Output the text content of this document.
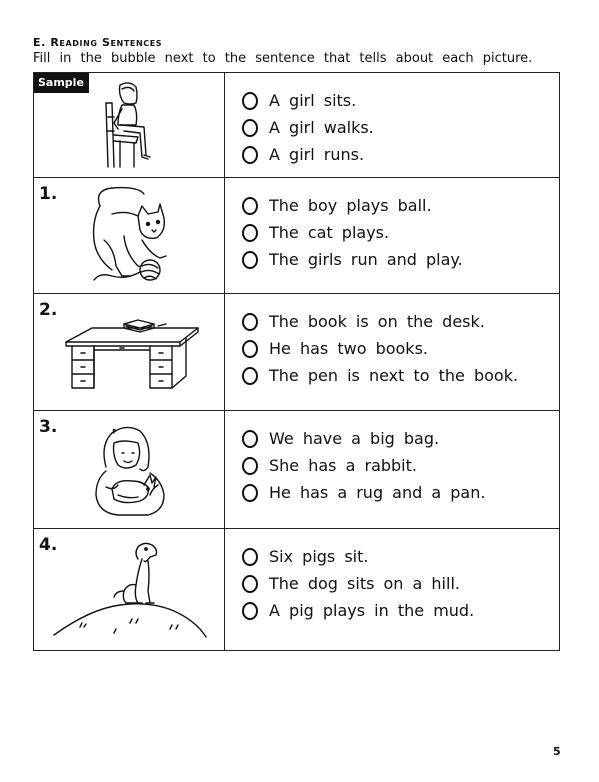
E. Reading Sentences
Fill in the bubble next to the sentence that tells about each picture.
Sample
A girl sits.
A girl walks.
A girl runs.
1.
The boy plays ball.
The cat plays.
The girls run and play.
2.
The book is on the desk.
He has two books.
The pen is next to the book.
3.
We have a big bag.
She has a rabbit.
He has a rug and a pan.
4.
Six pigs sit.
The dog sits on a hill.
A pig plays in the mud.
5
